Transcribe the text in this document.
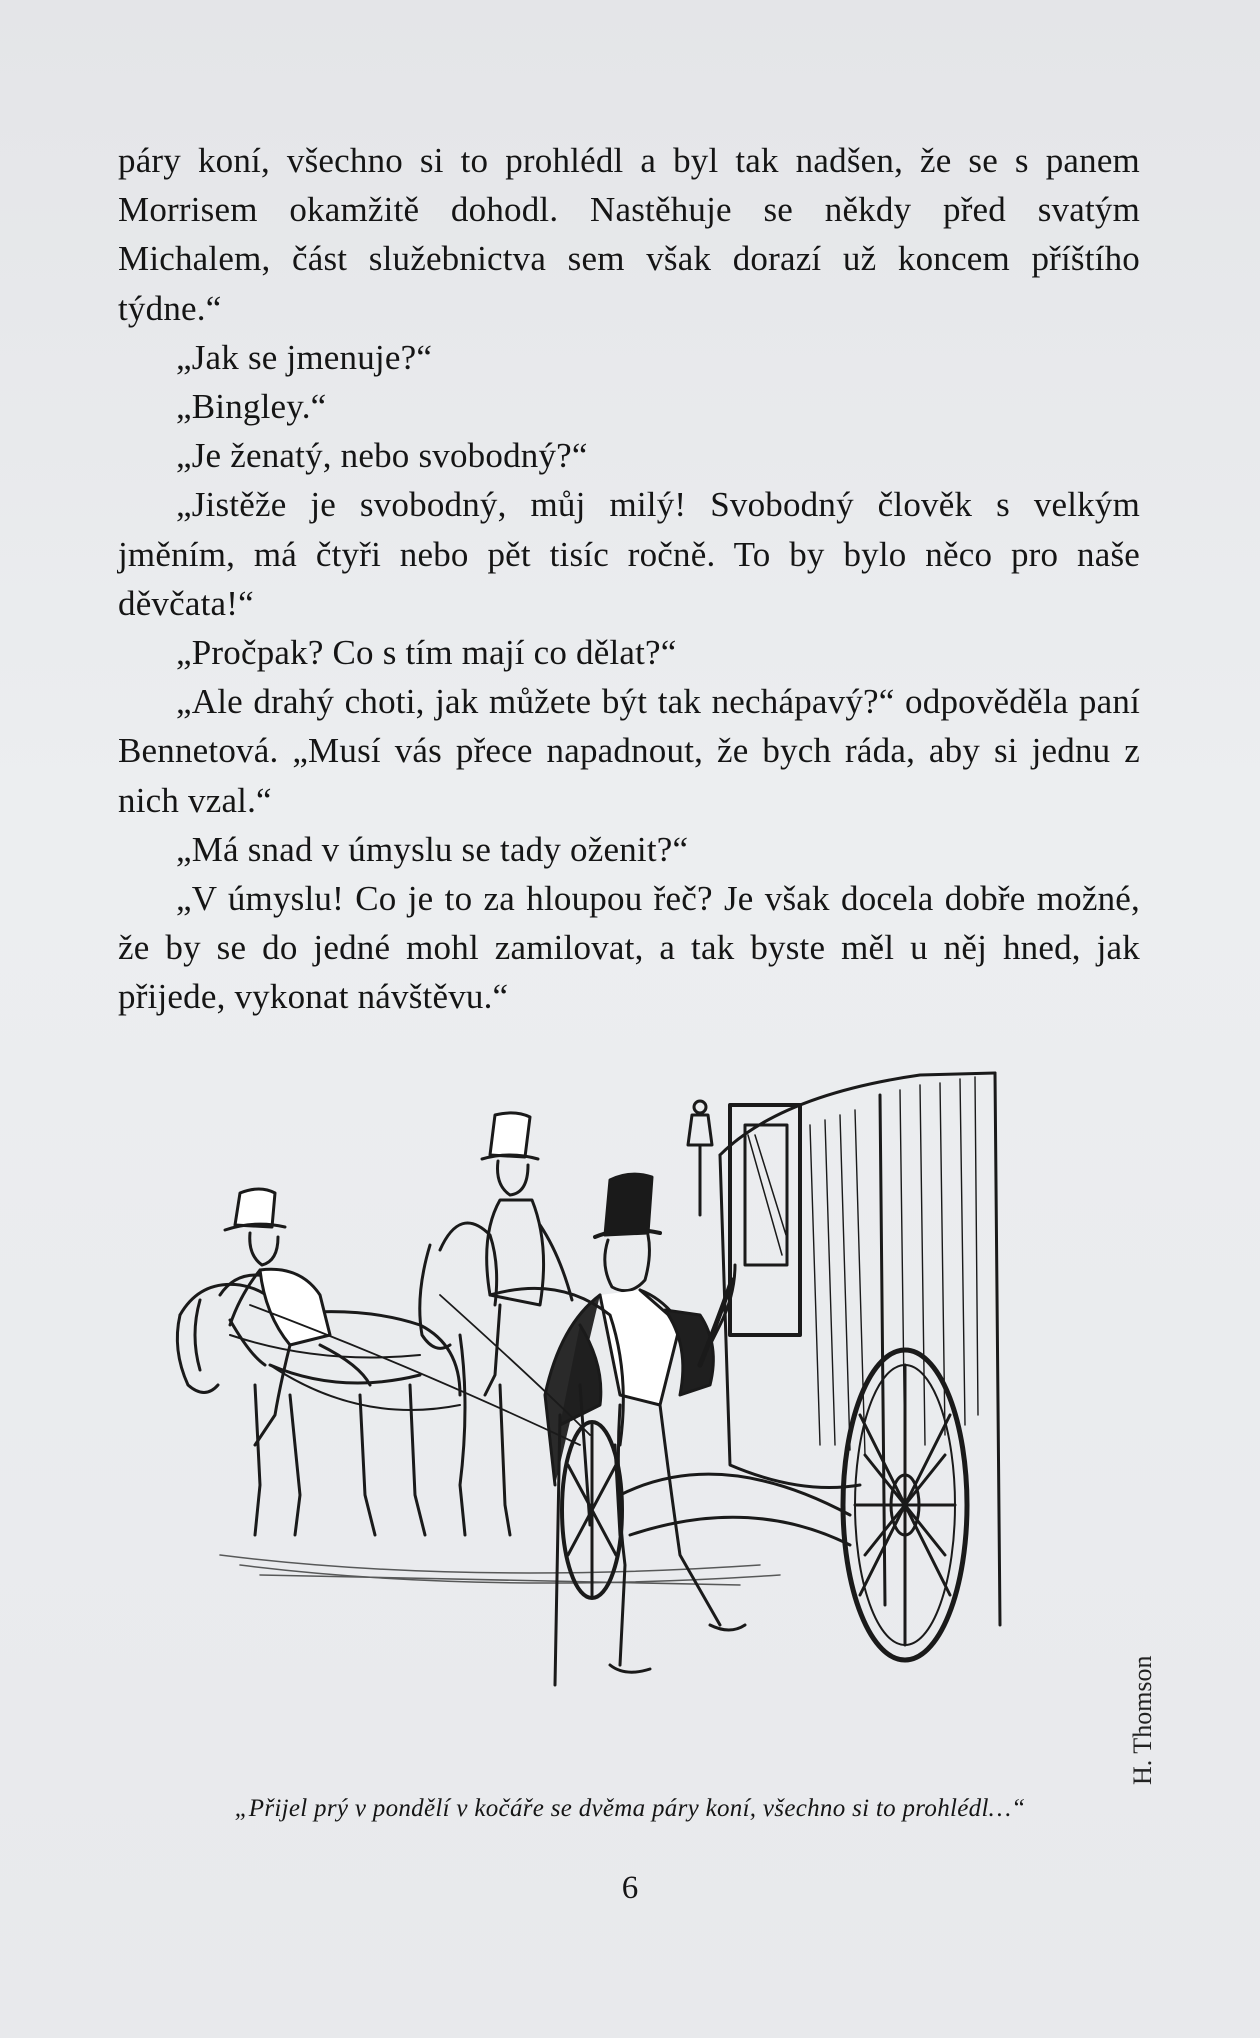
páry koní, všechno si to prohlédl a byl tak nadšen, že se s panem Morrisem okamžitě dohodl. Nastěhuje se někdy před svatým Michalem, část služebnictva sem však dorazí už koncem příštího týdne.“

„Jak se jmenuje?“

„Bingley.“

„Je ženatý, nebo svobodný?“

„Jistěže je svobodný, můj milý! Svobodný člověk s velkým jměním, má čtyři nebo pět tisíc ročně. To by bylo něco pro naše děvčata!“

„Pročpak? Co s tím mají co dělat?“

„Ale drahý choti, jak můžete být tak nechápavý?“ odpověděla paní Bennetová. „Musí vás přece napadnout, že bych ráda, aby si jednu z nich vzal.“

„Má snad v úmyslu se tady oženit?“

„V úmyslu! Co je to za hloupou řeč? Je však docela dobře možné, že by se do jedné mohl zamilovat, a tak byste měl u něj hned, jak přijede, vykonat návštěvu.“

H. Thomson
„Přijel prý v pondělí v kočáře se dvěma páry koní, všechno si to prohlédl…“
6
